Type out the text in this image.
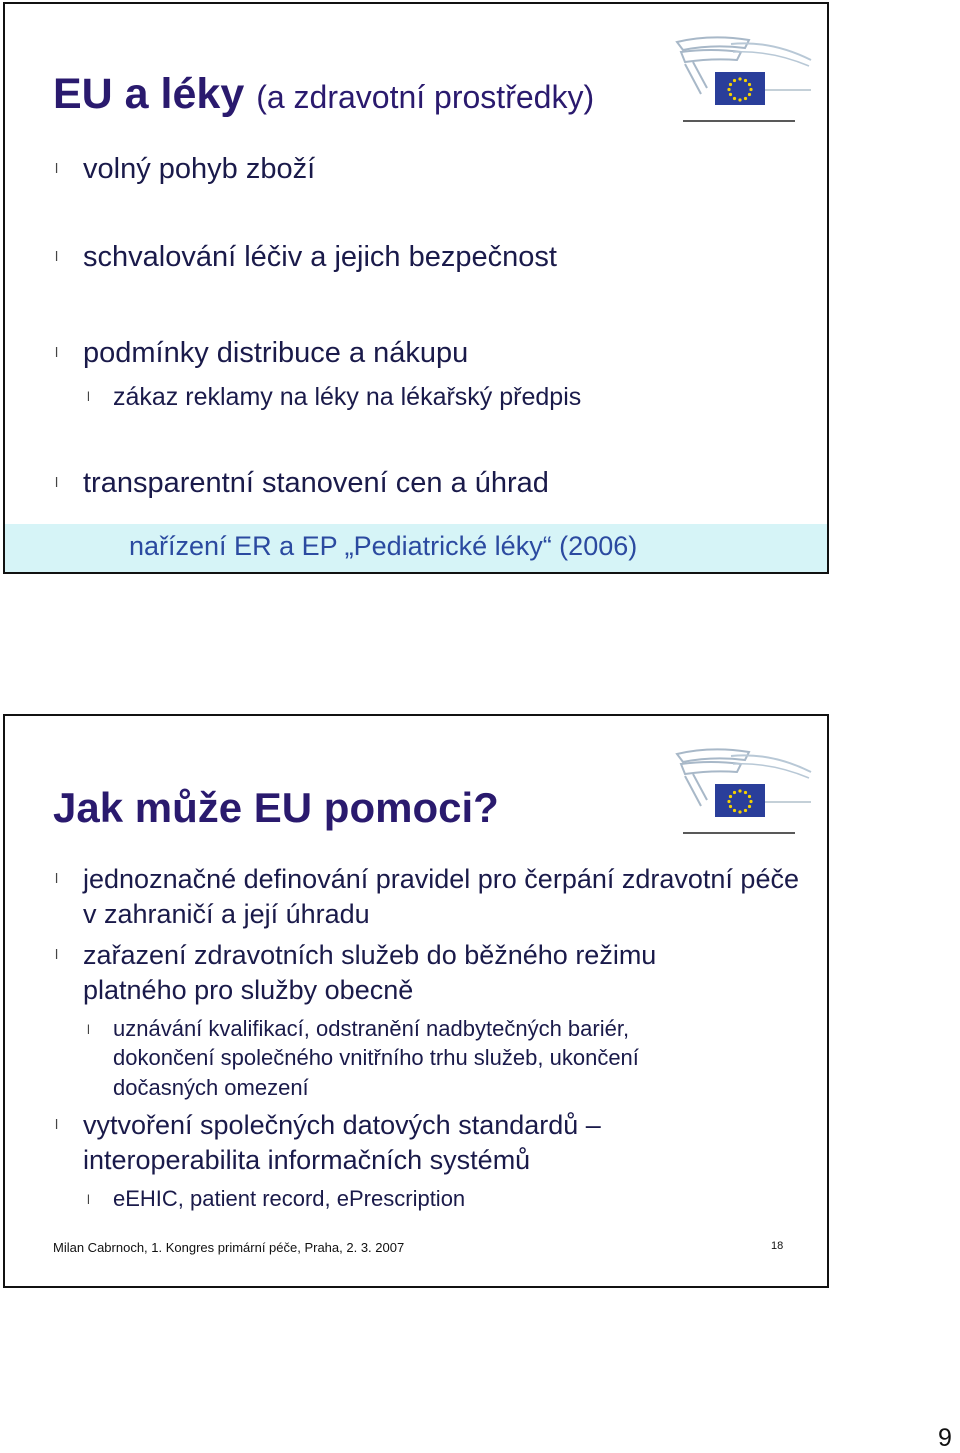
EU a léky (a zdravotní prostředky)
l volný pohyb zboží
l schvalování léčiv a jejich bezpečnost
l podmínky distribuce a nákupu
l zákaz reklamy na léky na lékařský předpis
l transparentní stanovení cen a úhrad
nařízení ER a EP „Pediatrické léky“ (2006)
Jak může EU pomoci?
l jednoznačné definování pravidel pro čerpání zdravotní péče v zahraničí a její úhradu
l zařazení zdravotních služeb do běžného režimu platného pro služby obecně
l uznávání kvalifikací, odstranění nadbytečných bariér, dokončení společného vnitřního trhu služeb, ukončení dočasných omezení
l vytvoření společných datových standardů – interoperabilita informačních systémů
l eEHIC, patient record, ePrescription
Milan Cabrnoch, 1. Kongres primární péče, Praha, 2. 3. 2007	18
9
